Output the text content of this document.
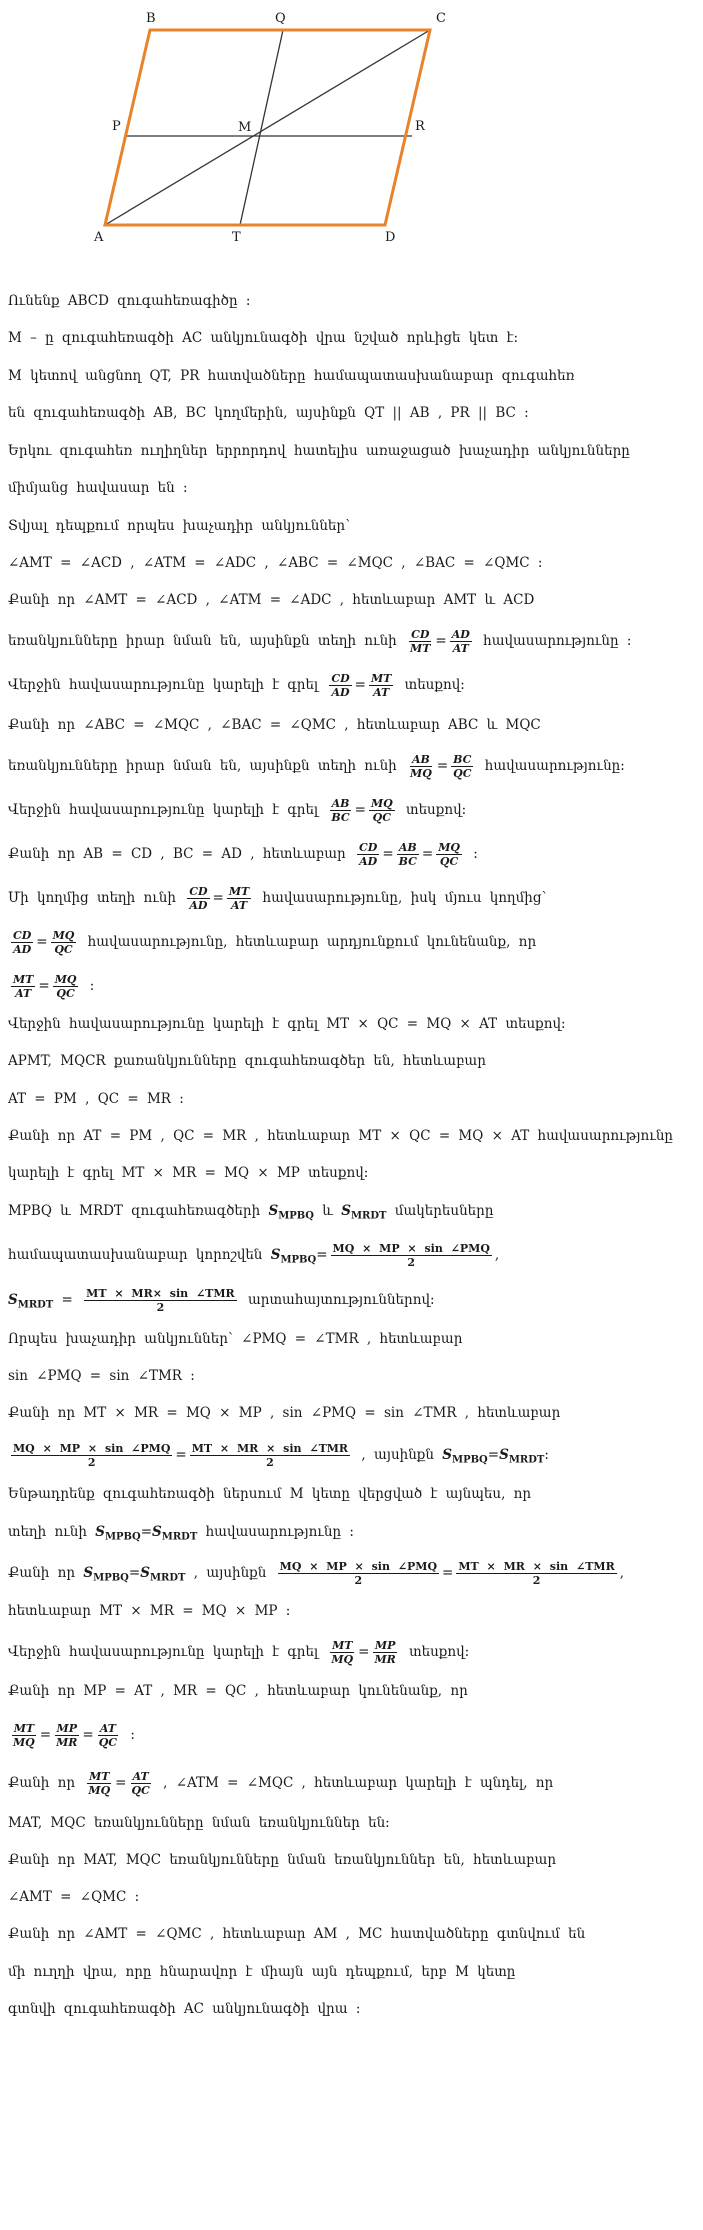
B	Q	C
P	M	R
A	T	D
Ունենք ABCD զուգահեռագիծը :
M – ը զուգահեռագծի AC անկյունագծի վրա նշված որևիցե կետ է:
M կետով անցնող QT, PR հատվածները համապատասխանաբար զուգահեռ
են զուգահեռագծի AB, BC կողմերին, այսինքն QT || AB , PR || BC :
Երկու զուգահեռ ուղիղներ երրորդով հատելիս առաջացած խաչադիր անկյունները
միմյանց հավասար են :
Տվյալ դեպքում որպես խաչադիր անկյուններ՝
∠AMT = ∠ACD , ∠ATM = ∠ADC , ∠ABC = ∠MQC , ∠BAC = ∠QMC :
Քանի որ ∠AMT = ∠ACD , ∠ATM = ∠ADC , հետևաբար AMT և ACD
եռանկյունները իրար նման են, այսինքն տեղի ունի $\frac{CD}{MT} = \frac{AD}{AT}$ հավասարությունը :
Վերջին հավասարությունը կարելի է գրել $\frac{CD}{AD} = \frac{MT}{AT}$ տեսքով:
Քանի որ ∠ABC = ∠MQC , ∠BAC = ∠QMC , հետևաբար ABC և MQC
եռանկյունները իրար նման են, այսինքն տեղի ունի $\frac{AB}{MQ} = \frac{BC}{QC}$ հավասարությունը:
Վերջին հավասարությունը կարելի է գրել $\frac{AB}{BC} = \frac{MQ}{QC}$ տեսքով:
Քանի որ AB = CD , BC = AD , հետևաբար $\frac{CD}{AD} = \frac{AB}{BC} = \frac{MQ}{QC}$ :
Մի կողմից տեղի ունի $\frac{CD}{AD} = \frac{MT}{AT}$ հավասարությունը, իսկ մյուս կողմից՝
$\frac{CD}{AD} = \frac{MQ}{QC}$ հավասարությունը, հետևաբար արդյունքում կունենանք, որ
$\frac{MT}{AT} = \frac{MQ}{QC}$ :
Վերջին հավասարությունը կարելի է գրել MT × QC = MQ × AT տեսքով:
APMT, MQCR քառանկյունները զուգահեռագծեր են, հետևաբար
AT = PM , QC = MR :
Քանի որ AT = PM , QC = MR , հետևաբար MT × QC = MQ × AT հավասարությունը
կարելի է գրել MT × MR = MQ × MP տեսքով:
MPBQ և MRDT զուգահեռագծերի $S_{MPBQ}$ և $S_{MRDT}$ մակերեսները
համապատասխանաբար կորոշվեն $S_{MPBQ}= \frac{\text{MQ × MP × sin ∠PMQ}}{2}$ ,
$S_{MRDT} = \frac{\text{MT × MR× sin ∠TMR}}{2}$ արտահայտություններով:
Որպես խաչադիր անկյուններ՝ ∠PMQ = ∠TMR , հետևաբար
sin ∠PMQ = sin ∠TMR :
Քանի որ MT × MR = MQ × MP , sin ∠PMQ = sin ∠TMR , հետևաբար
$\frac{\text{MQ × MP × sin ∠PMQ}}{2} = \frac{\text{MT × MR × sin ∠TMR}}{2}$ , այսինքն $S_{MPBQ}=S_{MRDT}$:
Ենթադրենք զուգահեռագծի ներսում M կետը վերցված է այնպես, որ
տեղի ունի $S_{MPBQ}=S_{MRDT}$ հավասարությունը :
Քանի որ $S_{MPBQ}=S_{MRDT}$ , այսինքն $\frac{\text{MQ × MP × sin ∠PMQ}}{2} = \frac{\text{MT × MR × sin ∠TMR}}{2}$ ,
հետևաբար MT × MR = MQ × MP :
Վերջին հավասարությունը կարելի է գրել $\frac{MT}{MQ} = \frac{MP}{MR}$ տեսքով:
Քանի որ MP = AT , MR = QC , հետևաբար կունենանք, որ
$\frac{MT}{MQ} = \frac{MP}{MR} = \frac{AT}{QC}$ :
Քանի որ $\frac{MT}{MQ} = \frac{AT}{QC}$ , ∠ATM = ∠MQC , հետևաբար կարելի է պնդել, որ
MAT, MQC եռանկյունները նման եռանկյուններ են:
Քանի որ MAT, MQC եռանկյունները նման եռանկյուններ են, հետևաբար
∠AMT = ∠QMC :
Քանի որ ∠AMT = ∠QMC , հետևաբար AM , MC հատվածները գտնվում են
մի ուղղի վրա, որը հնարավոր է միայն այն դեպքում, երբ M կետը
գտնվի զուգահեռագծի AC անկյունագծի վրա :
